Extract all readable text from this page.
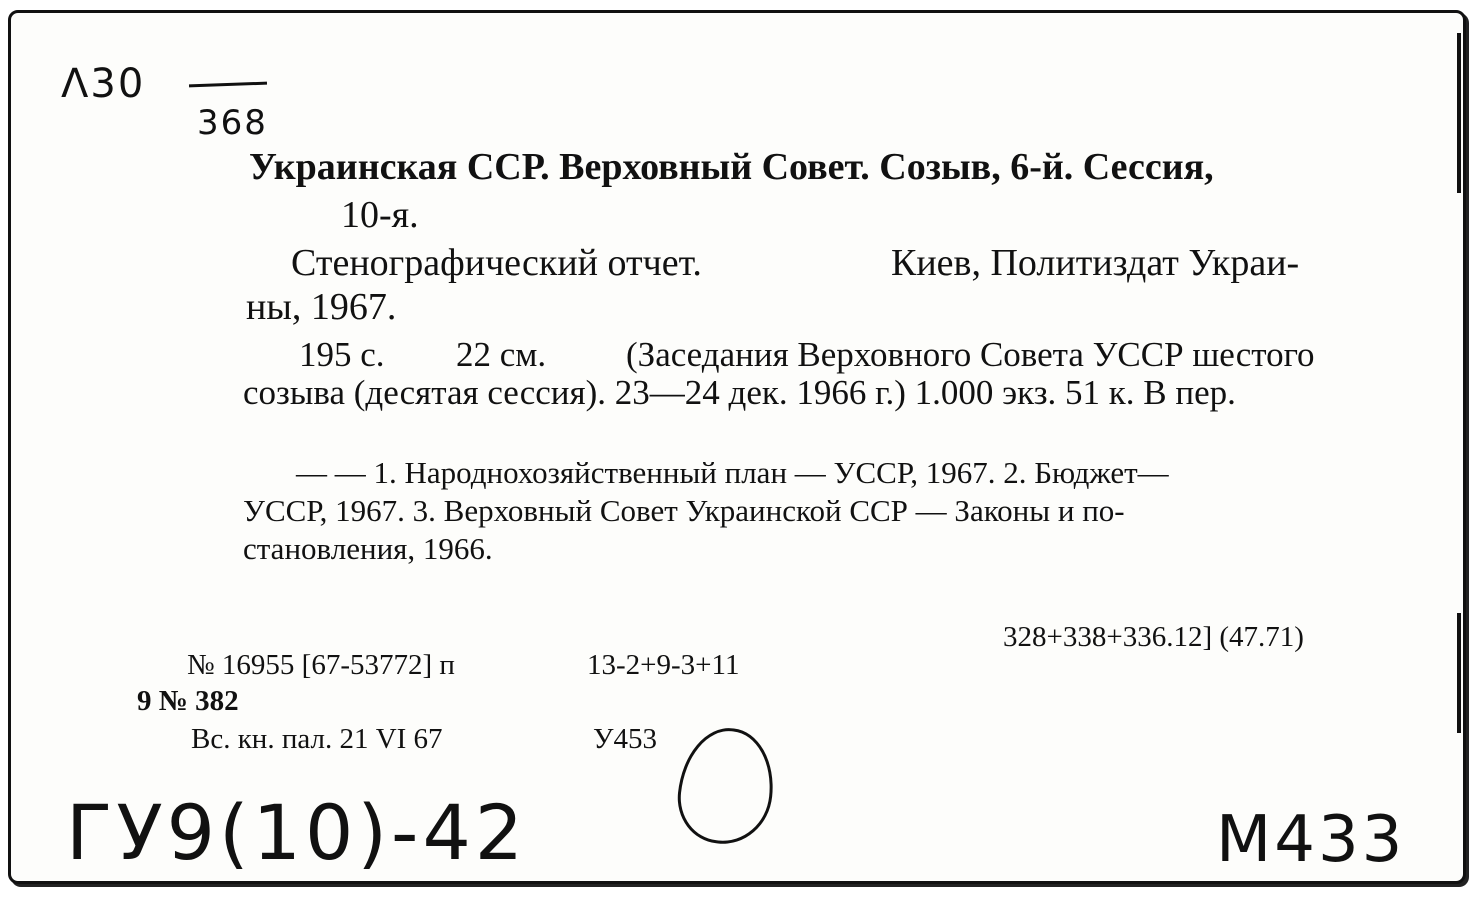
Λ30
368
Украинская ССР. Верховный Совет. Созыв, 6-й. Сессия,
10-я.
Стенографический отчет.	Киев, Политиздат Украи-
ны, 1967.
195 с. 22 см. (Заседания Верховного Совета УССР шестого
созыва (десятая сессия). 23—24 дек. 1966 г.) 1.000 экз. 51 к. В пер.
— — 1. Народнохозяйственный план — УССР, 1967. 2. Бюджет—
УССР, 1967. 3. Верховный Совет Украинской ССР — Законы и по-
становления, 1966.
328+338+336.12] (47.71)
№ 16955 [67-53772] п	13-2+9-3+11
9 № 382
Вс. кн. пал. 21 VI 67	У453
ГУ9(10)-42	М433
